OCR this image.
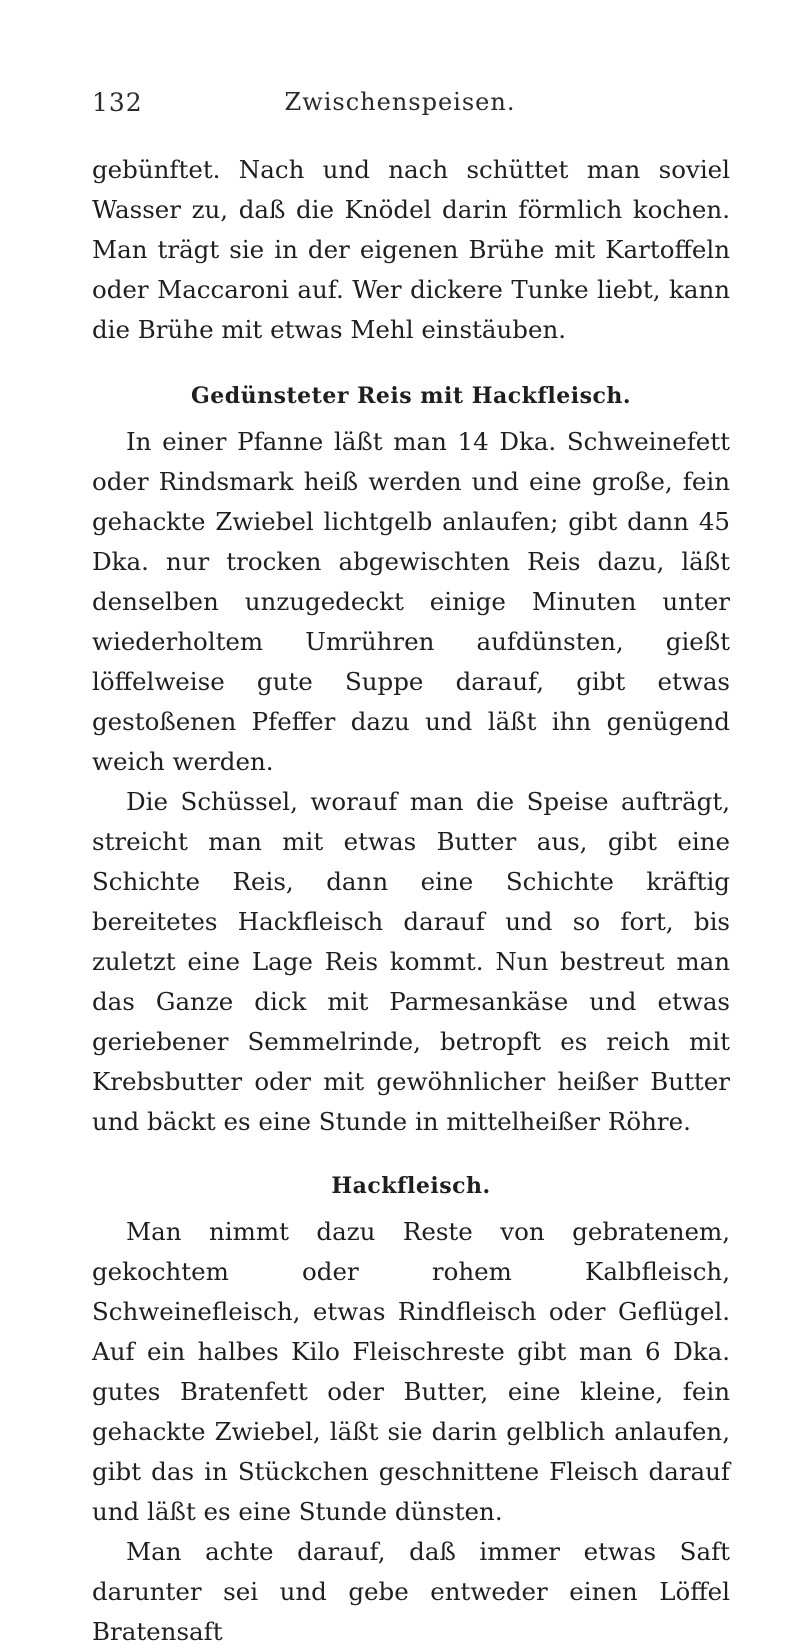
132	Zwischenspeisen.

gebünftet. Nach und nach schüttet man soviel Wasser zu, daß die Knödel darin förmlich kochen. Man trägt sie in der eigenen Brühe mit Kartoffeln oder Maccaroni auf. Wer dickere Tunke liebt, kann die Brühe mit etwas Mehl einstäuben.

Gedünsteter Reis mit Hackfleisch.

In einer Pfanne läßt man 14 Dka. Schweinefett oder Rindsmark heiß werden und eine große, fein gehackte Zwiebel lichtgelb anlaufen; gibt dann 45 Dka. nur trocken abgewischten Reis dazu, läßt denselben unzugedeckt einige Minuten unter wiederholtem Umrühren aufdünsten, gießt löffelweise gute Suppe darauf, gibt etwas gestoßenen Pfeffer dazu und läßt ihn genügend weich werden.

Die Schüssel, worauf man die Speise aufträgt, streicht man mit etwas Butter aus, gibt eine Schichte Reis, dann eine Schichte kräftig bereitetes Hackfleisch darauf und so fort, bis zuletzt eine Lage Reis kommt. Nun bestreut man das Ganze dick mit Parmesankäse und etwas geriebener Semmelrinde, betropft es reich mit Krebsbutter oder mit gewöhnlicher heißer Butter und bäckt es eine Stunde in mittelheißer Röhre.

Hackfleisch.

Man nimmt dazu Reste von gebratenem, gekochtem oder rohem Kalbfleisch, Schweinefleisch, etwas Rindfleisch oder Geflügel. Auf ein halbes Kilo Fleischreste gibt man 6 Dka. gutes Bratenfett oder Butter, eine kleine, fein gehackte Zwiebel, läßt sie darin gelblich anlaufen, gibt das in Stückchen geschnittene Fleisch darauf und läßt es eine Stunde dünsten.

Man achte darauf, daß immer etwas Saft darunter sei und gebe entweder einen Löffel Bratensaft
